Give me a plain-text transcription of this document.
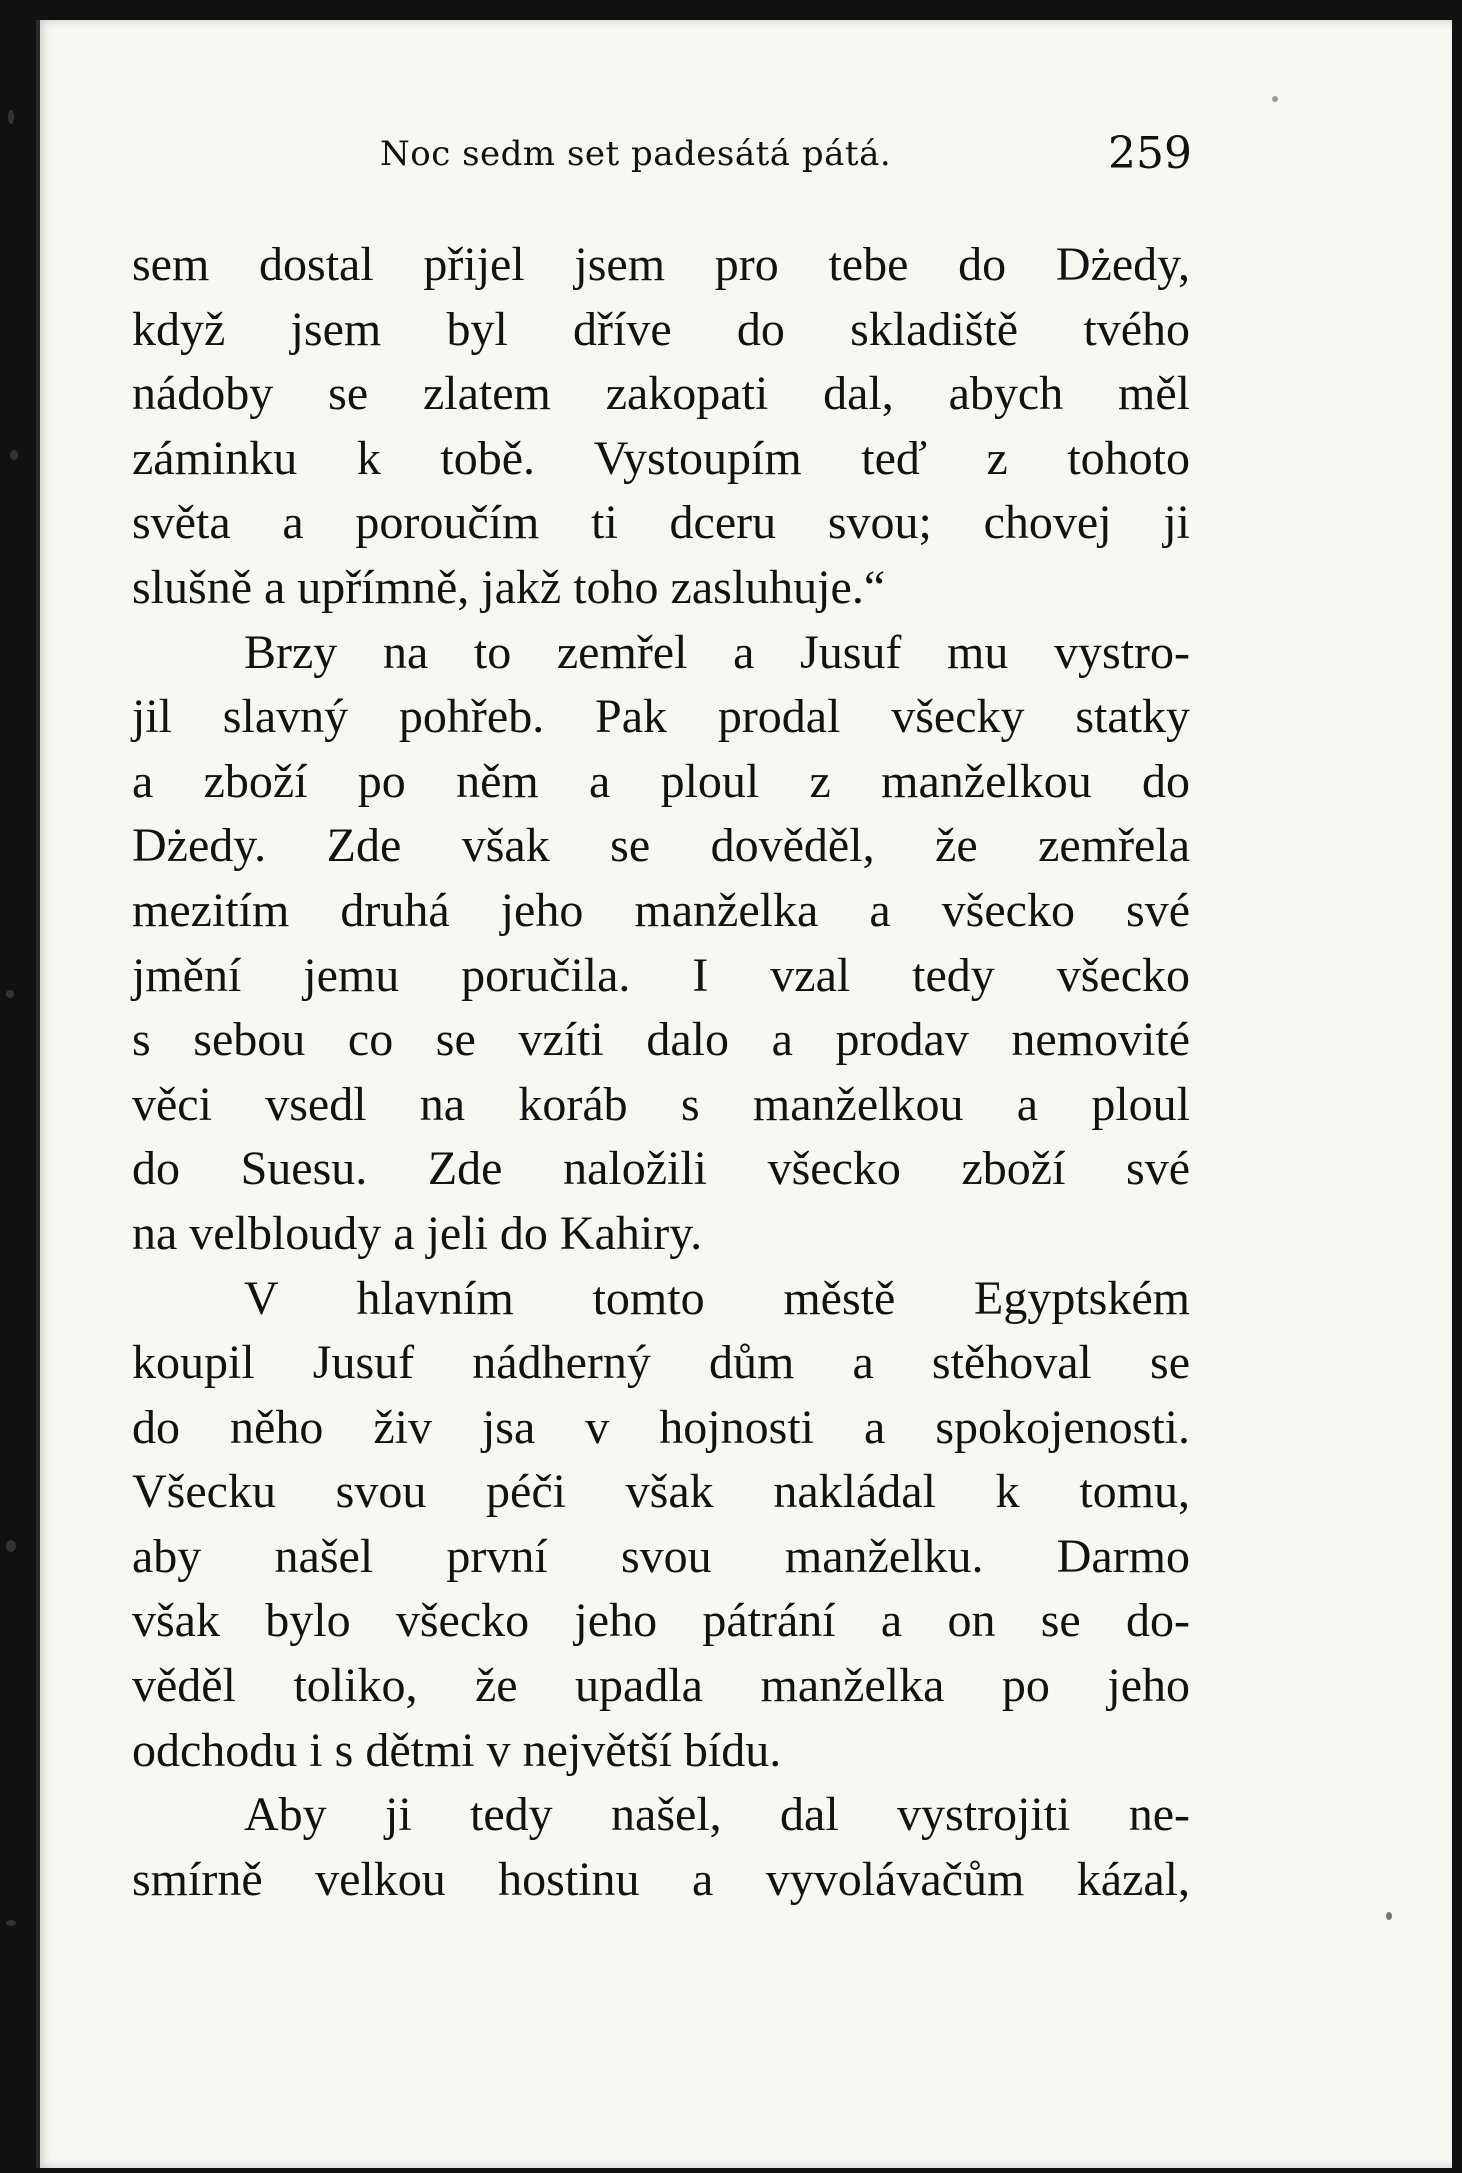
Noc sedm set padesátá pátá.	259
sem dostal přijel jsem pro tebe do Dżedy,
když jsem byl dříve do skladiště tvého
nádoby se zlatem zakopati dal, abych měl
záminku k tobě. Vystoupím teď z tohoto
světa a poroučím ti dceru svou; chovej ji
slušně a upřímně, jakž toho zasluhuje.“
Brzy na to zemřel a Jusuf mu vystro-
jil slavný pohřeb. Pak prodal všecky statky
a zboží po něm a ploul z manželkou do
Dżedy. Zde však se dověděl, že zemřela
mezitím druhá jeho manželka a všecko své
jmění jemu poručila. I vzal tedy všecko
s sebou co se vzíti dalo a prodav nemovité
věci vsedl na koráb s manželkou a ploul
do Suesu. Zde naložili všecko zboží své
na velbloudy a jeli do Kahiry.
V hlavním tomto městě Egyptském
koupil Jusuf nádherný dům a stěhoval se
do něho živ jsa v hojnosti a spokojenosti.
Všecku svou péči však nakládal k tomu,
aby našel první svou manželku. Darmo
však bylo všecko jeho pátrání a on se do-
věděl toliko, že upadla manželka po jeho
odchodu i s dětmi v největší bídu.
Aby ji tedy našel, dal vystrojiti ne-
smírně velkou hostinu a vyvolávačům kázal,
